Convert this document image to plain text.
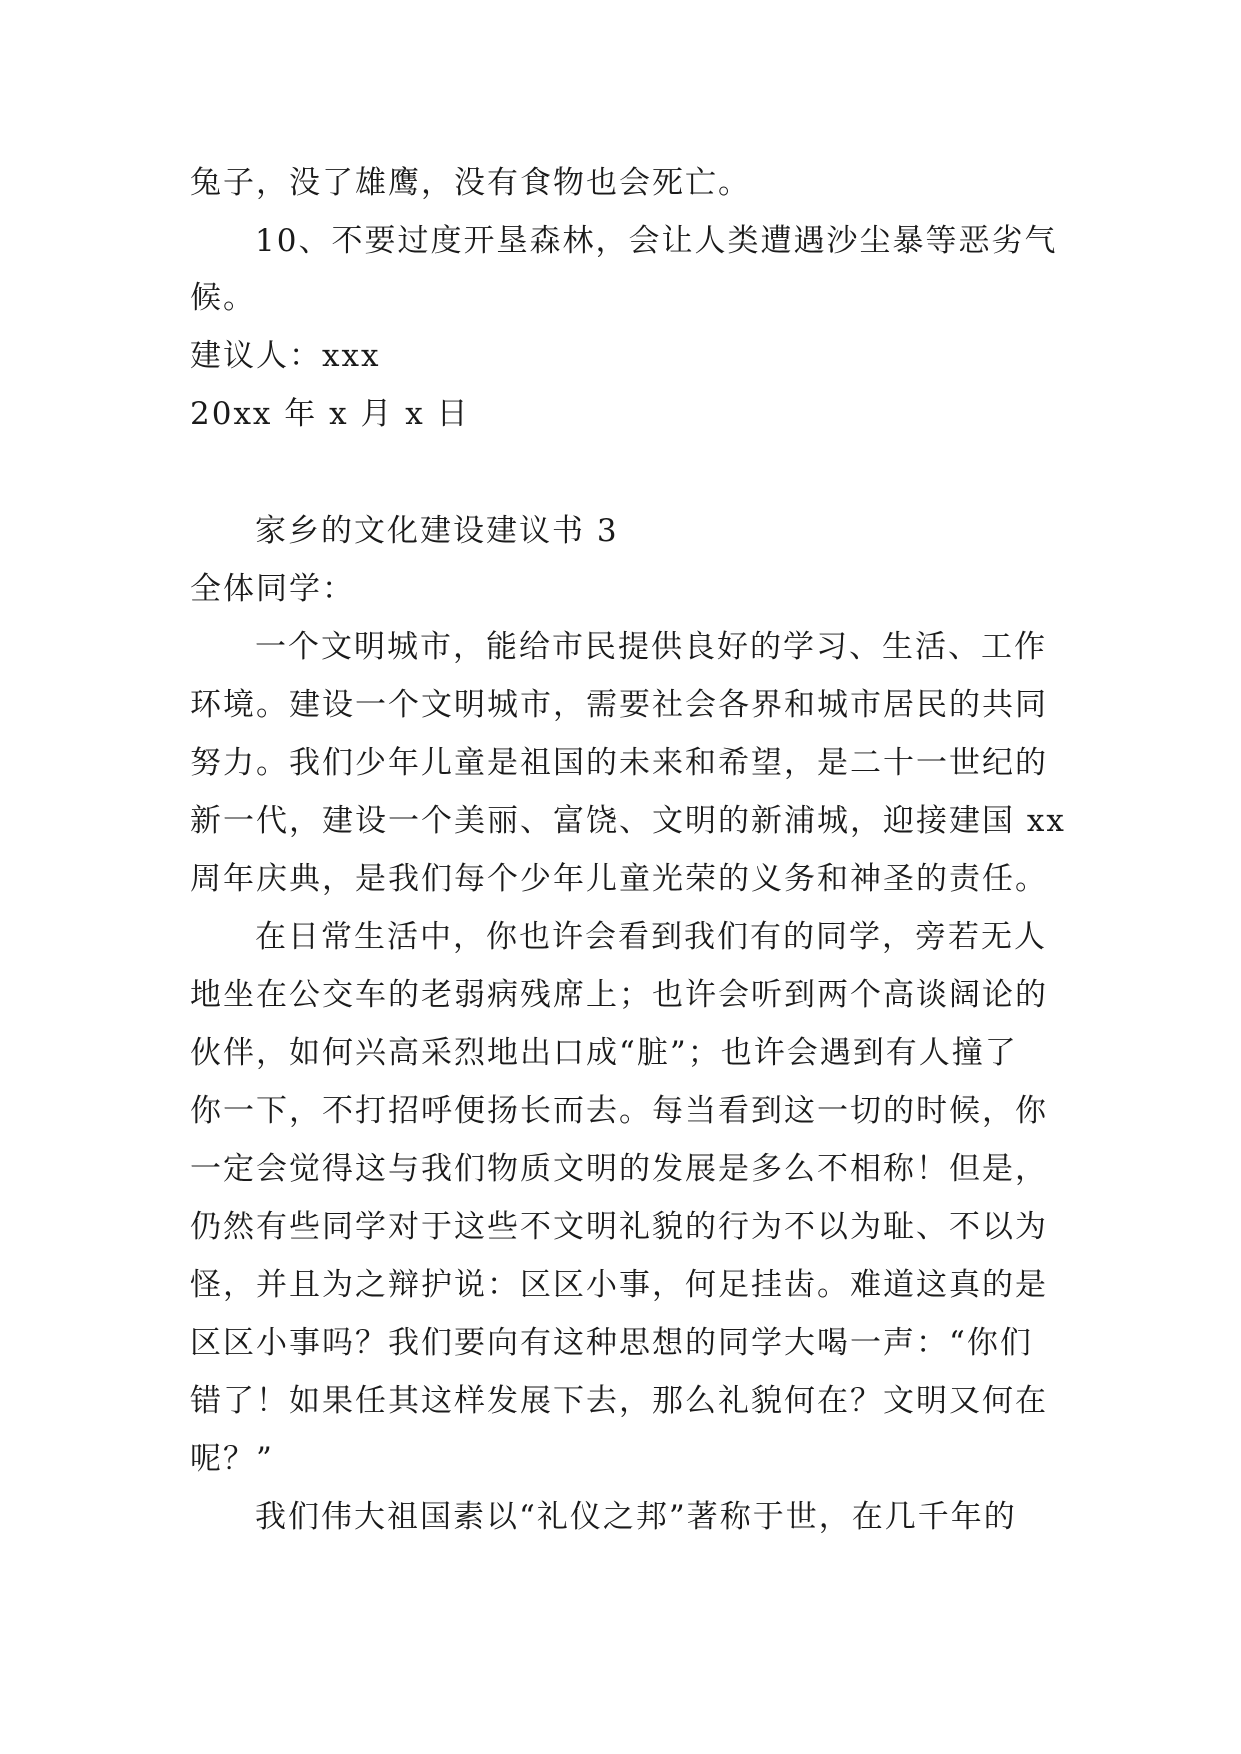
兔子，没了雄鹰，没有食物也会死亡。
10、不要过度开垦森林，会让人类遭遇沙尘暴等恶劣气
候。
建议人：xxx
20xx 年 x 月 x 日
家乡的文化建设建议书 3
全体同学：
一个文明城市，能给市民提供良好的学习、生活、工作
环境。建设一个文明城市，需要社会各界和城市居民的共同
努力。我们少年儿童是祖国的未来和希望，是二十一世纪的
新一代，建设一个美丽、富饶、文明的新浦城，迎接建国 xx
周年庆典，是我们每个少年儿童光荣的义务和神圣的责任。
在日常生活中，你也许会看到我们有的同学，旁若无人
地坐在公交车的老弱病残席上；也许会听到两个高谈阔论的
伙伴，如何兴高采烈地出口成“脏”；也许会遇到有人撞了
你一下，不打招呼便扬长而去。每当看到这一切的时候，你
一定会觉得这与我们物质文明的发展是多么不相称！但是，
仍然有些同学对于这些不文明礼貌的行为不以为耻、不以为
怪，并且为之辩护说：区区小事，何足挂齿。难道这真的是
区区小事吗？我们要向有这种思想的同学大喝一声：“你们
错了！如果任其这样发展下去，那么礼貌何在？文明又何在
呢？”
我们伟大祖国素以“礼仪之邦”著称于世，在几千年的
